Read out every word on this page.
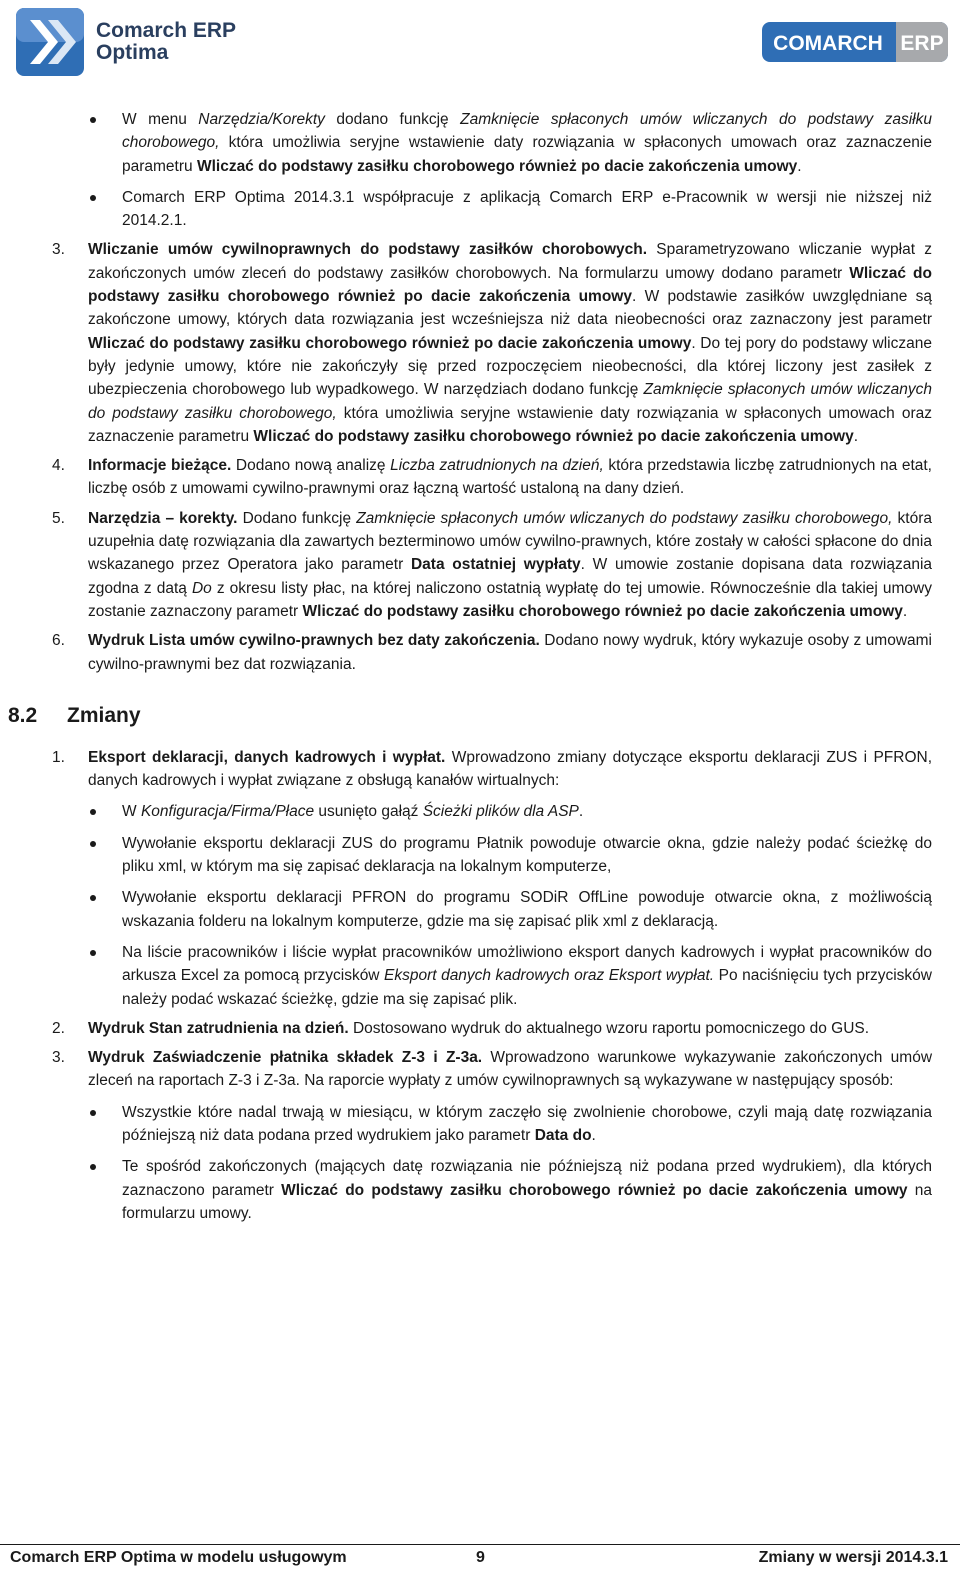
Comarch ERP
Optima	COMARCH ERP

W menu Narzędzia/Korekty dodano funkcję Zamknięcie spłaconych umów wliczanych do podstawy zasiłku chorobowego, która umożliwia seryjne wstawienie daty rozwiązania w spłaconych umowach oraz zaznaczenie parametru Wliczać do podstawy zasiłku chorobowego również po dacie zakończenia umowy.

Comarch ERP Optima 2014.3.1 współpracuje z aplikacją Comarch ERP e-Pracownik w wersji nie niższej niż 2014.2.1.

3. Wliczanie umów cywilnoprawnych do podstawy zasiłków chorobowych. Sparametryzowano wliczanie wypłat z zakończonych umów zleceń do podstawy zasiłków chorobowych. Na formularzu umowy dodano parametr Wliczać do podstawy zasiłku chorobowego również po dacie zakończenia umowy. W podstawie zasiłków uwzględniane są zakończone umowy, których data rozwiązania jest wcześniejsza niż data nieobecności oraz zaznaczony jest parametr Wliczać do podstawy zasiłku chorobowego również po dacie zakończenia umowy. Do tej pory do podstawy wliczane były jedynie umowy, które nie zakończyły się przed rozpoczęciem nieobecności, dla której liczony jest zasiłek z ubezpieczenia chorobowego lub wypadkowego. W narzędziach dodano funkcję Zamknięcie spłaconych umów wliczanych do podstawy zasiłku chorobowego, która umożliwia seryjne wstawienie daty rozwiązania w spłaconych umowach oraz zaznaczenie parametru Wliczać do podstawy zasiłku chorobowego również po dacie zakończenia umowy.

4. Informacje bieżące. Dodano nową analizę Liczba zatrudnionych na dzień, która przedstawia liczbę zatrudnionych na etat, liczbę osób z umowami cywilno-prawnymi oraz łączną wartość ustaloną na dany dzień.

5. Narzędzia – korekty. Dodano funkcję Zamknięcie spłaconych umów wliczanych do podstawy zasiłku chorobowego, która uzupełnia datę rozwiązania dla zawartych bezterminowo umów cywilno-prawnych, które zostały w całości spłacone do dnia wskazanego przez Operatora jako parametr Data ostatniej wypłaty. W umowie zostanie dopisana data rozwiązania zgodna z datą Do z okresu listy płac, na której naliczono ostatnią wypłatę do tej umowie. Równocześnie dla takiej umowy zostanie zaznaczony parametr Wliczać do podstawy zasiłku chorobowego również po dacie zakończenia umowy.

6. Wydruk Lista umów cywilno-prawnych bez daty zakończenia. Dodano nowy wydruk, który wykazuje osoby z umowami cywilno-prawnymi bez dat rozwiązania.

8.2 Zmiany

1. Eksport deklaracji, danych kadrowych i wypłat. Wprowadzono zmiany dotyczące eksportu deklaracji ZUS i PFRON, danych kadrowych i wypłat związane z obsługą kanałów wirtualnych:

W Konfiguracja/Firma/Płace usunięto gałąź Ścieżki plików dla ASP.

Wywołanie eksportu deklaracji ZUS do programu Płatnik powoduje otwarcie okna, gdzie należy podać ścieżkę do pliku xml, w którym ma się zapisać deklaracja na lokalnym komputerze,

Wywołanie eksportu deklaracji PFRON do programu SODiR OffLine powoduje otwarcie okna, z możliwością wskazania folderu na lokalnym komputerze, gdzie ma się zapisać plik xml z deklaracją.

Na liście pracowników i liście wypłat pracowników umożliwiono eksport danych kadrowych i wypłat pracowników do arkusza Excel za pomocą przycisków Eksport danych kadrowych oraz Eksport wypłat. Po naciśnięciu tych przycisków należy podać wskazać ścieżkę, gdzie ma się zapisać plik.

2. Wydruk Stan zatrudnienia na dzień. Dostosowano wydruk do aktualnego wzoru raportu pomocniczego do GUS.

3. Wydruk Zaświadczenie płatnika składek Z-3 i Z-3a. Wprowadzono warunkowe wykazywanie zakończonych umów zleceń na raportach Z-3 i Z-3a. Na raporcie wypłaty z umów cywilnoprawnych są wykazywane w następujący sposób:

Wszystkie które nadal trwają w miesiącu, w którym zaczęło się zwolnienie chorobowe, czyli mają datę rozwiązania późniejszą niż data podana przed wydrukiem jako parametr Data do.

Te spośród zakończonych (mających datę rozwiązania nie późniejszą niż podana przed wydrukiem), dla których zaznaczono parametr Wliczać do podstawy zasiłku chorobowego również po dacie zakończenia umowy na formularzu umowy.

Comarch ERP Optima w modelu usługowym	9	Zmiany w wersji 2014.3.1
